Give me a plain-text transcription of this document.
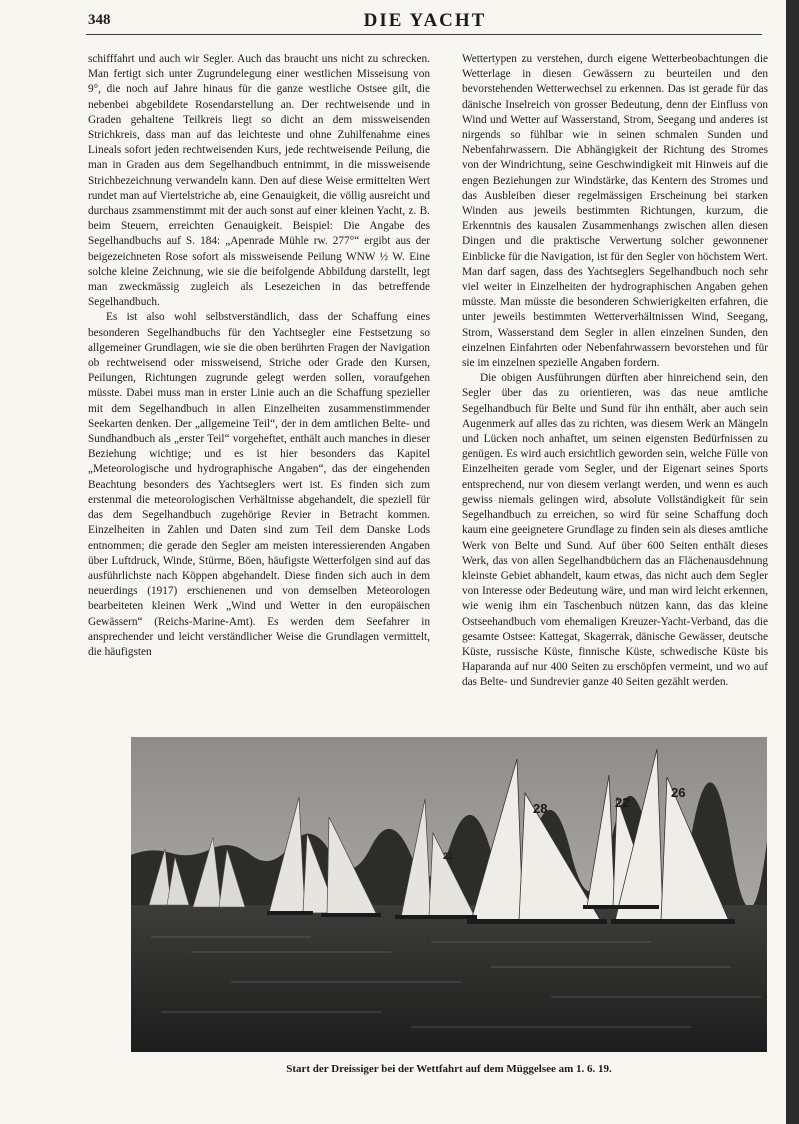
348	DIE YACHT

schifffahrt und auch wir Segler. Auch das braucht uns nicht zu schrecken. Man fertigt sich unter Zugrundelegung einer westlichen Misseisung von 9°, die noch auf Jahre hinaus für die ganze westliche Ostsee gilt, die nebenbei abgebildete Rosendarstellung an. Der rechtweisende und in Graden gehaltene Teilkreis liegt so dicht an dem missweisenden Strichkreis, dass man auf das leichteste und ohne Zuhilfenahme eines Lineals sofort jeden rechtweisenden Kurs, jede rechtweisende Peilung, die man in Graden aus dem Segelhandbuch entnimmt, in die missweisende Strichbezeichnung verwandeln kann. Den auf diese Weise ermittelten Wert rundet man auf Viertelstriche ab, eine Genauigkeit, die völlig ausreicht und durchaus zsammenstimmt mit der auch sonst auf einer kleinen Yacht, z. B. beim Steuern, erreichten Genauigkeit. Beispiel: Die Angabe des Segelhandbuchs auf S. 184: „Apenrade Mühle rw. 277°“ ergibt aus der beigezeichneten Rose sofort als missweisende Peilung WNW ½ W. Eine solche kleine Zeichnung, wie sie die beifolgende Abbildung darstellt, legt man zweckmässig zugleich als Lesezeichen in das betreffende Segelhandbuch.

Es ist also wohl selbstverständlich, dass der Schaffung eines besonderen Segelhandbuchs für den Yachtsegler eine Festsetzung so allgemeiner Grundlagen, wie sie die oben berührten Fragen der Navigation ob rechtweisend oder missweisend, Striche oder Grade den Kursen, Peilungen, Richtungen zugrunde gelegt werden sollen, voraufgehen müsste. Dabei muss man in erster Linie auch an die Schaffung spezieller mit dem Segelhandbuch in allen Einzelheiten zusammenstimmender Seekarten denken. Der „allgemeine Teil“, der in dem amtlichen Belte- und Sundhandbuch als „erster Teil“ vorgeheftet, enthält auch manches in dieser Beziehung wichtige; und es ist hier besonders das Kapitel „Meteorologische und hydrographische Angaben“, das der eingehenden Beachtung besonders des Yachtseglers wert ist. Es finden sich zum erstenmal die meteorologischen Verhältnisse abgehandelt, die speziell für das dem Segelhandbuch zugehörige Revier in Betracht kommen. Einzelheiten in Zahlen und Daten sind zum Teil dem Danske Lods entnommen; die gerade den Segler am meisten interessierenden Angaben über Luftdruck, Winde, Stürme, Böen, häufigste Wetterfolgen sind auf das ausführlichste nach Köppen abgehandelt. Diese finden sich auch in dem neuerdings (1917) erschienenen und von demselben Meteorologen bearbeiteten kleinen Werk „Wind und Wetter in den europäischen Gewässern“ (Reichs-Marine-Amt). Es werden dem Seefahrer in ansprechender und leicht verständlicher Weise die Grundlagen vermittelt, die häufigsten

Wettertypen zu verstehen, durch eigene Wetterbeobachtungen die Wetterlage in diesen Gewässern zu beurteilen und den bevorstehenden Wetterwechsel zu erkennen. Das ist gerade für das dänische Inselreich von grosser Bedeutung, denn der Einfluss von Wind und Wetter auf Wasserstand, Strom, Seegang und anderes ist nirgends so fühlbar wie in seinen schmalen Sunden und Nebenfahrwassern. Die Abhängigkeit der Richtung des Stromes von der Windrichtung, seine Geschwindigkeit mit Hinweis auf die engen Beziehungen zur Windstärke, das Kentern des Stromes und das Ausbleiben dieser regelmässigen Erscheinung bei starken Winden aus jeweils bestimmten Richtungen, kurzum, die Erkenntnis des kausalen Zusammenhangs zwischen allen diesen Dingen und die praktische Verwertung solcher gewonnener Einblicke für die Navigation, ist für den Segler von höchstem Wert. Man darf sagen, dass des Yachtseglers Segelhandbuch noch sehr viel weiter in Einzelheiten der hydrographischen Angaben gehen müsste. Man müsste die besonderen Schwierigkeiten erfahren, die unter jeweils bestimmten Wetterverhältnissen Wind, Seegang, Strom, Wasserstand dem Segler in allen einzelnen Sunden, den einzelnen Einfahrten oder Nebenfahrwassern bevorstehen und für sie im einzelnen spezielle Angaben fordern.

Die obigen Ausführungen dürften aber hinreichend sein, den Segler über das zu orientieren, was das neue amtliche Segelhandbuch für Belte und Sund für ihn enthält, aber auch sein Augenmerk auf alles das zu richten, was diesem Werk an Mängeln und Lücken noch anhaftet, um seinen eigensten Bedürfnissen zu genügen. Es wird auch ersichtlich geworden sein, welche Fülle von Einzelheiten gerade vom Segler, und der Eigenart seines Sports entsprechend, nur von diesem verlangt werden, und wenn es auch gewiss niemals gelingen wird, absolute Vollständigkeit für sein Segelhandbuch zu erreichen, so wird für seine Schaffung doch kaum eine geeignetere Grundlage zu finden sein als dieses amtliche Werk von Belte und Sund. Auf über 600 Seiten enthält dieses Werk, das von allen Segelhandbüchern das an Flächenausdehnung kleinste Gebiet abhandelt, kaum etwas, das nicht auch dem Segler von Interesse oder Bedeutung wäre, und man wird leicht erkennen, wie wenig ihm ein Taschenbuch nützen kann, das das kleine Ostseehandbuch vom ehemaligen Kreuzer-Yacht-Verband, das die gesamte Ostsee: Kattegat, Skagerrak, dänische Gewässer, deutsche Küste, russische Küste, finnische Küste, schwedische Küste bis Haparanda auf nur 400 Seiten zu erschöpfen vermeint, und wo auf das Belte- und Sundrevier ganze 40 Seiten gezählt werden.

21
28	22
26
Start der Dreissiger bei der Wettfahrt auf dem Müggelsee am 1. 6. 19.
